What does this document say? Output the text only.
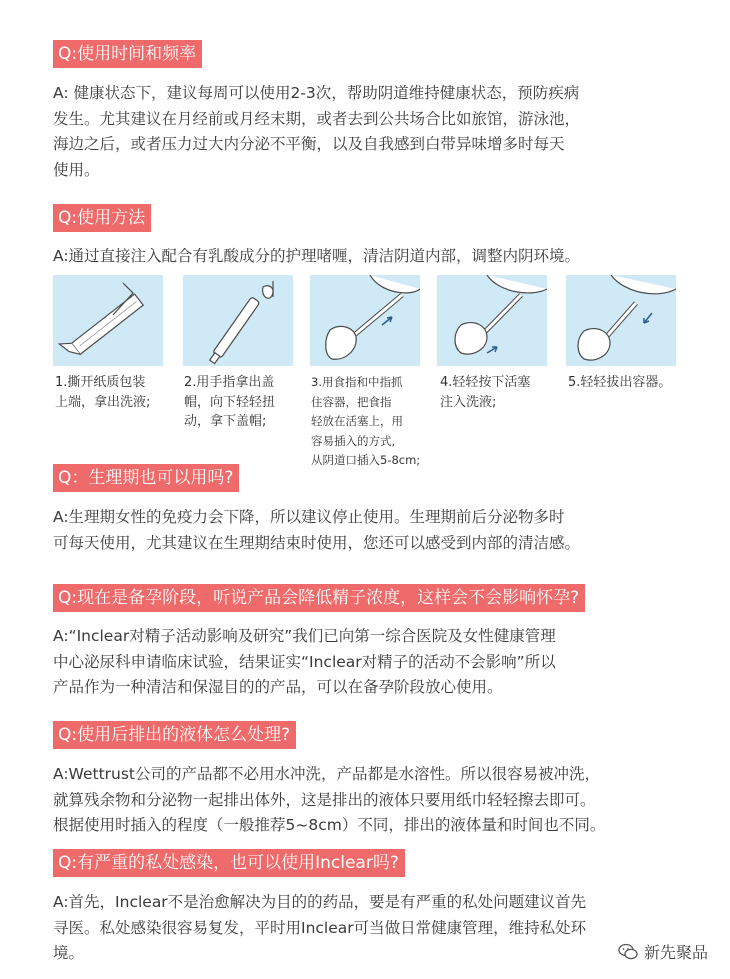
Q:使用时间和频率
A: 健康状态下，建议每周可以使用2-3次，帮助阴道维持健康状态，预防疾病
发生。尤其建议在月经前或月经末期，或者去到公共场合比如旅馆，游泳池，
海边之后，或者压力过大内分泌不平衡，以及自我感到白带异味增多时每天
使用。
Q:使用方法
A:通过直接注入配合有乳酸成分的护理啫喱，清洁阴道内部，调整内阴环境。
1.撕开纸质包装
上端，拿出洗液;
2.用手指拿出盖
帽，向下轻轻扭
动，拿下盖帽;
3.用食指和中指抓
住容器，把食指
轻放在活塞上，用
容易插入的方式,
从阴道口插入5-8cm;
4.轻轻按下活塞
注入洗液;
5.轻轻拔出容器。
Q：生理期也可以用吗?
A:生理期女性的免疫力会下降，所以建议停止使用。生理期前后分泌物多时
可每天使用，尤其建议在生理期结束时使用，您还可以感受到内部的清洁感。
Q:现在是备孕阶段，听说产品会降低精子浓度，这样会不会影响怀孕?
A:“Inclear对精子活动影响及研究”我们已向第一综合医院及女性健康管理
中心泌尿科申请临床试验，结果证实“Inclear对精子的活动不会影响”所以
产品作为一种清洁和保湿目的的产品，可以在备孕阶段放心使用。
Q:使用后排出的液体怎么处理?
A:Wettrust公司的产品都不必用水冲洗，产品都是水溶性。所以很容易被冲洗，
就算残余物和分泌物一起排出体外，这是排出的液体只要用纸巾轻轻擦去即可。
根据使用时插入的程度（一般推荐5~8cm）不同，排出的液体量和时间也不同。
Q:有严重的私处感染，也可以使用Inclear吗?
A:首先，Inclear不是治愈解决为目的的药品，要是有严重的私处问题建议首先
寻医。私处感染很容易复发，平时用Inclear可当做日常健康管理，维持私处环
境。	新先聚品
